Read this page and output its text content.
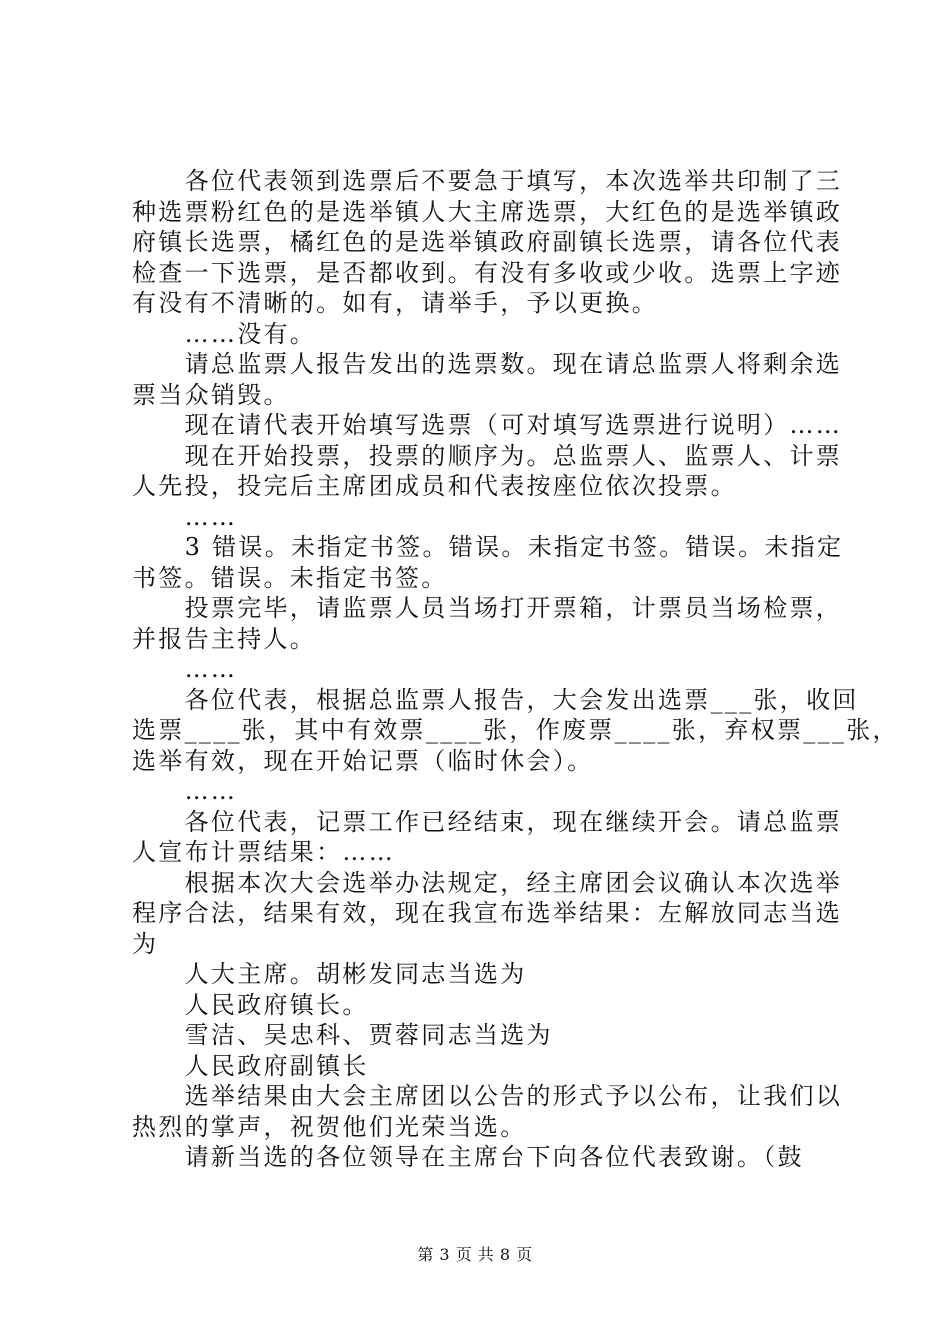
　　各位代表领到选票后不要急于填写，本次选举共印制了三
种选票粉红色的是选举镇人大主席选票，大红色的是选举镇政
府镇长选票，橘红色的是选举镇政府副镇长选票，请各位代表
检查一下选票，是否都收到。有没有多收或少收。选票上字迹
有没有不清晰的。如有，请举手，予以更换。
　　……没有。
　　请总监票人报告发出的选票数。现在请总监票人将剩余选
票当众销毁。
　　现在请代表开始填写选票（可对填写选票进行说明）……
　　现在开始投票，投票的顺序为。总监票人、监票人、计票
人先投，投完后主席团成员和代表按座位依次投票。
　　……
　　3 错误。未指定书签。错误。未指定书签。错误。未指定
书签。错误。未指定书签。
　　投票完毕，请监票人员当场打开票箱，计票员当场检票，
并报告主持人。
　　……
　　各位代表，根据总监票人报告，大会发出选票___张，收回
选票____张，其中有效票____张，作废票____张，弃权票___张，
选举有效，现在开始记票（临时休会）。
　　……
　　各位代表，记票工作已经结束，现在继续开会。请总监票
人宣布计票结果：……
　　根据本次大会选举办法规定，经主席团会议确认本次选举
程序合法，结果有效，现在我宣布选举结果：左解放同志当选
为
　　人大主席。胡彬发同志当选为
　　人民政府镇长。
　　雪洁、吴忠科、贾蓉同志当选为
　　人民政府副镇长
　　选举结果由大会主席团以公告的形式予以公布，让我们以
热烈的掌声，祝贺他们光荣当选。
　　请新当选的各位领导在主席台下向各位代表致谢。（鼓
第 3 页 共 8 页
